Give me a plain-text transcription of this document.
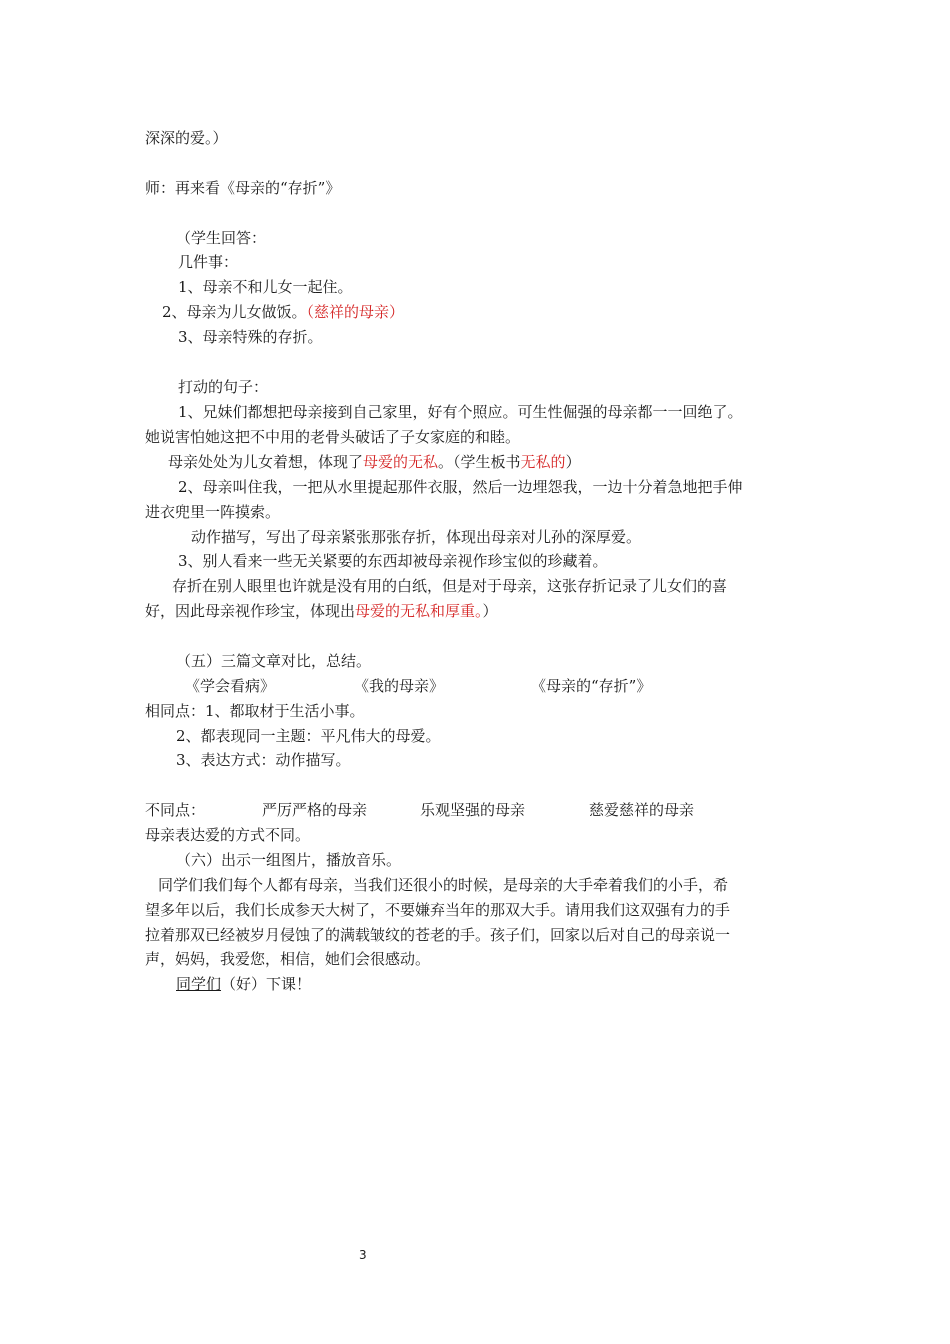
深深的爱。）
师：再来看《母亲的“存折”》
（学生回答：
几件事：
1、母亲不和儿女一起住。
2、母亲为儿女做饭。（慈祥的母亲）
3、母亲特殊的存折。
打动的句子：
1、兄妹们都想把母亲接到自己家里，好有个照应。可生性倔强的母亲都一一回绝了。
她说害怕她这把不中用的老骨头破话了子女家庭的和睦。
母亲处处为儿女着想，体现了母爱的无私。（学生板书无私的）
2、母亲叫住我，一把从水里提起那件衣服，然后一边埋怨我，一边十分着急地把手伸
进衣兜里一阵摸索。
动作描写，写出了母亲紧张那张存折，体现出母亲对儿孙的深厚爱。
3、别人看来一些无关紧要的东西却被母亲视作珍宝似的珍藏着。
存折在别人眼里也许就是没有用的白纸，但是对于母亲，这张存折记录了儿女们的喜
好，因此母亲视作珍宝，体现出母爱的无私和厚重。）
（五）三篇文章对比，总结。
《学会看病》	《我的母亲》	《母亲的“存折”》
相同点：1、都取材于生活小事。
2、都表现同一主题：平凡伟大的母爱。
3、表达方式：动作描写。
不同点：	严厉严格的母亲	乐观坚强的母亲	慈爱慈祥的母亲
母亲表达爱的方式不同。
（六）出示一组图片，播放音乐。
同学们我们每个人都有母亲，当我们还很小的时候，是母亲的大手牵着我们的小手，希
望多年以后，我们长成参天大树了，不要嫌弃当年的那双大手。请用我们这双强有力的手
拉着那双已经被岁月侵蚀了的满载皱纹的苍老的手。孩子们，回家以后对自己的母亲说一
声，妈妈，我爱您，相信，她们会很感动。
同学们（好）下课！
3
